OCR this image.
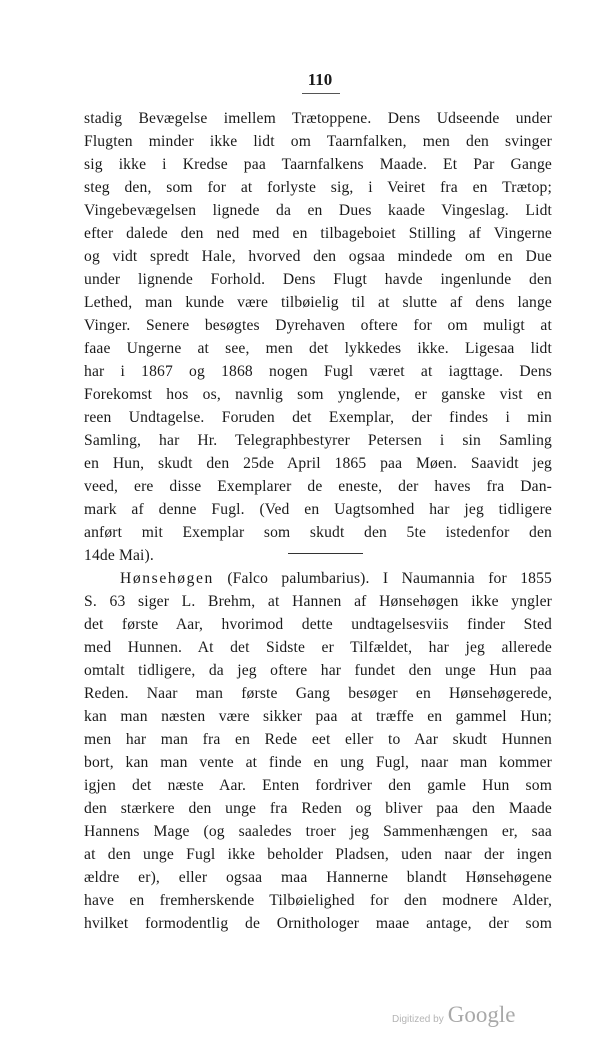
110
stadig Bevægelse imellem Trætoppene. Dens Udseende under
Flugten minder ikke lidt om Taarnfalken, men den svinger
sig ikke i Kredse paa Taarnfalkens Maade. Et Par Gange
steg den, som for at forlyste sig, i Veiret fra en Trætop;
Vingebevægelsen lignede da en Dues kaade Vingeslag. Lidt
efter dalede den ned med en tilbageboiet Stilling af Vingerne
og vidt spredt Hale, hvorved den ogsaa mindede om en Due
under lignende Forhold. Dens Flugt havde ingenlunde den
Lethed, man kunde være tilbøielig til at slutte af dens lange
Vinger. Senere besøgtes Dyrehaven oftere for om muligt at
faae Ungerne at see, men det lykkedes ikke. Ligesaa lidt
har i 1867 og 1868 nogen Fugl været at iagttage. Dens
Forekomst hos os, navnlig som ynglende, er ganske vist en
reen Undtagelse. Foruden det Exemplar, der findes i min
Samling, har Hr. Telegraphbestyrer Petersen i sin Samling
en Hun, skudt den 25de April 1865 paa Møen. Saavidt jeg
veed, ere disse Exemplarer de eneste, der haves fra Dan-
mark af denne Fugl. (Ved en Uagtsomhed har jeg tidligere
anført mit Exemplar som skudt den 5te istedenfor den
14de Mai).
Hønsehøgen (Falco palumbarius). I Naumannia for 1855
S. 63 siger L. Brehm, at Hannen af Hønsehøgen ikke yngler
det første Aar, hvorimod dette undtagelsesviis finder Sted
med Hunnen. At det Sidste er Tilfældet, har jeg allerede
omtalt tidligere, da jeg oftere har fundet den unge Hun paa
Reden. Naar man første Gang besøger en Hønsehøgerede,
kan man næsten være sikker paa at træffe en gammel Hun;
men har man fra en Rede eet eller to Aar skudt Hunnen
bort, kan man vente at finde en ung Fugl, naar man kommer
igjen det næste Aar. Enten fordriver den gamle Hun som
den stærkere den unge fra Reden og bliver paa den Maade
Hannens Mage (og saaledes troer jeg Sammenhængen er, saa
at den unge Fugl ikke beholder Pladsen, uden naar der ingen
ældre er), eller ogsaa maa Hannerne blandt Hønsehøgene
have en fremherskende Tilbøielighed for den modnere Alder,
hvilket formodentlig de Ornithologer maae antage, der som
Digitized by Google
